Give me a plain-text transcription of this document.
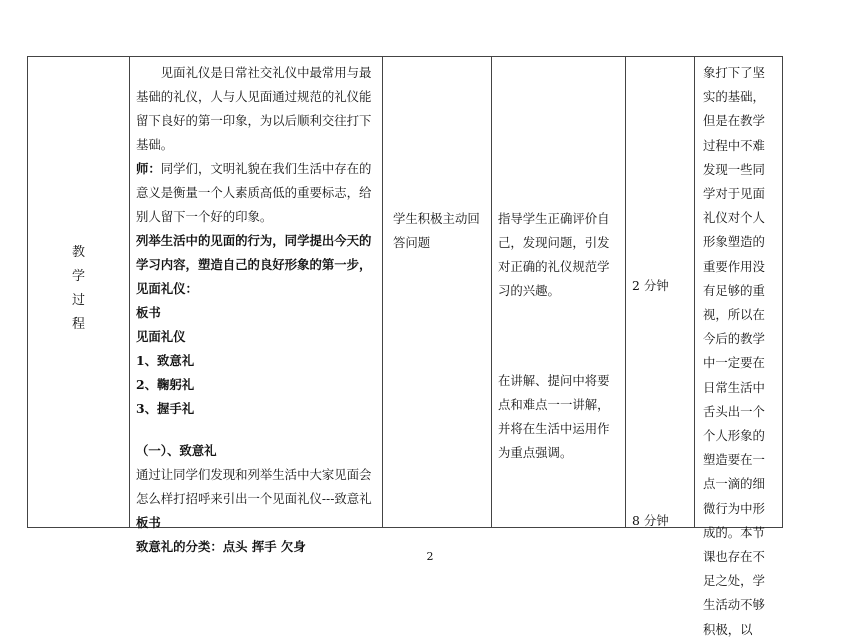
教
学
过
程

见面礼仪是日常社交礼仪中最常用与最基础的礼仪，人与人见面通过规范的礼仪能留下良好的第一印象，为以后顺利交往打下基础。

师：同学们，文明礼貌在我们生活中存在的意义是衡量一个人素质高低的重要标志，给别人留下一个好的印象。

列举生活中的见面的行为，同学提出今天的学习内容，塑造自己的良好形象的第一步，见面礼仪：

板书

见面礼仪

1、致意礼

2、鞠躬礼

3、握手礼

（一）、致意礼

通过让同学们发现和列举生活中大家见面会怎么样打招呼来引出一个见面礼仪---致意礼

板书

致意礼的分类：点头 挥手 欠身

学生积极主动回答问题
指导学生正确评价自己，发现问题，引发对正确的礼仪规范学习的兴趣。
在讲解、提问中将要点和难点一一讲解，并将在生活中运用作为重点强调。
2 分钟
8 分钟
象打下了坚实的基础，但是在教学过程中不难发现一些同学对于见面礼仪对个人形象塑造的重要作用没有足够的重视，所以在今后的教学中一定要在日常生活中舌头出一个个人形象的塑造要在一点一滴的细微行为中形成的。本节课也存在不足之处，学生活动不够积极，以
2
